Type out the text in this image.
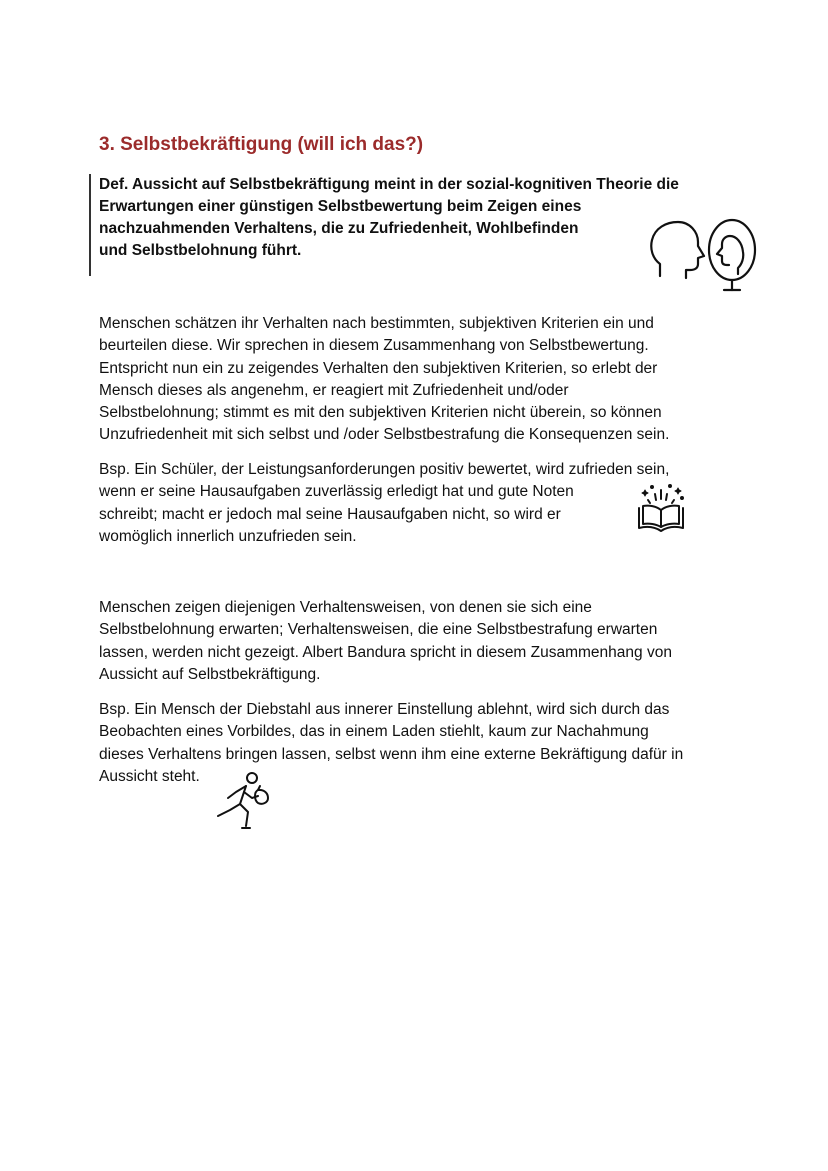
3. Selbstbekräftigung (will ich das?)
Def. Aussicht auf Selbstbekräftigung meint in der sozial-kognitiven Theorie die
Erwartungen einer günstigen Selbstbewertung beim Zeigen eines
nachzuahmenden Verhaltens, die zu Zufriedenheit, Wohlbefinden
und Selbstbelohnung führt.
Menschen schätzen ihr Verhalten nach bestimmten, subjektiven Kriterien ein und
beurteilen diese. Wir sprechen in diesem Zusammenhang von Selbstbewertung.
Entspricht nun ein zu zeigendes Verhalten den subjektiven Kriterien, so erlebt der
Mensch dieses als angenehm, er reagiert mit Zufriedenheit und/oder
Selbstbelohnung; stimmt es mit den subjektiven Kriterien nicht überein, so können
Unzufriedenheit mit sich selbst und /oder Selbstbestrafung die Konsequenzen sein.
Bsp. Ein Schüler, der Leistungsanforderungen positiv bewertet, wird zufrieden sein,
wenn er seine Hausaufgaben zuverlässig erledigt hat und gute Noten
schreibt; macht er jedoch mal seine Hausaufgaben nicht, so wird er
womöglich innerlich unzufrieden sein.
Menschen zeigen diejenigen Verhaltensweisen, von denen sie sich eine
Selbstbelohnung erwarten; Verhaltensweisen, die eine Selbstbestrafung erwarten
lassen, werden nicht gezeigt. Albert Bandura spricht in diesem Zusammenhang von
Aussicht auf Selbstbekräftigung.
Bsp. Ein Mensch der Diebstahl aus innerer Einstellung ablehnt, wird sich durch das
Beobachten eines Vorbildes, das in einem Laden stiehlt, kaum zur Nachahmung
dieses Verhaltens bringen lassen, selbst wenn ihm eine externe Bekräftigung dafür in
Aussicht steht.
